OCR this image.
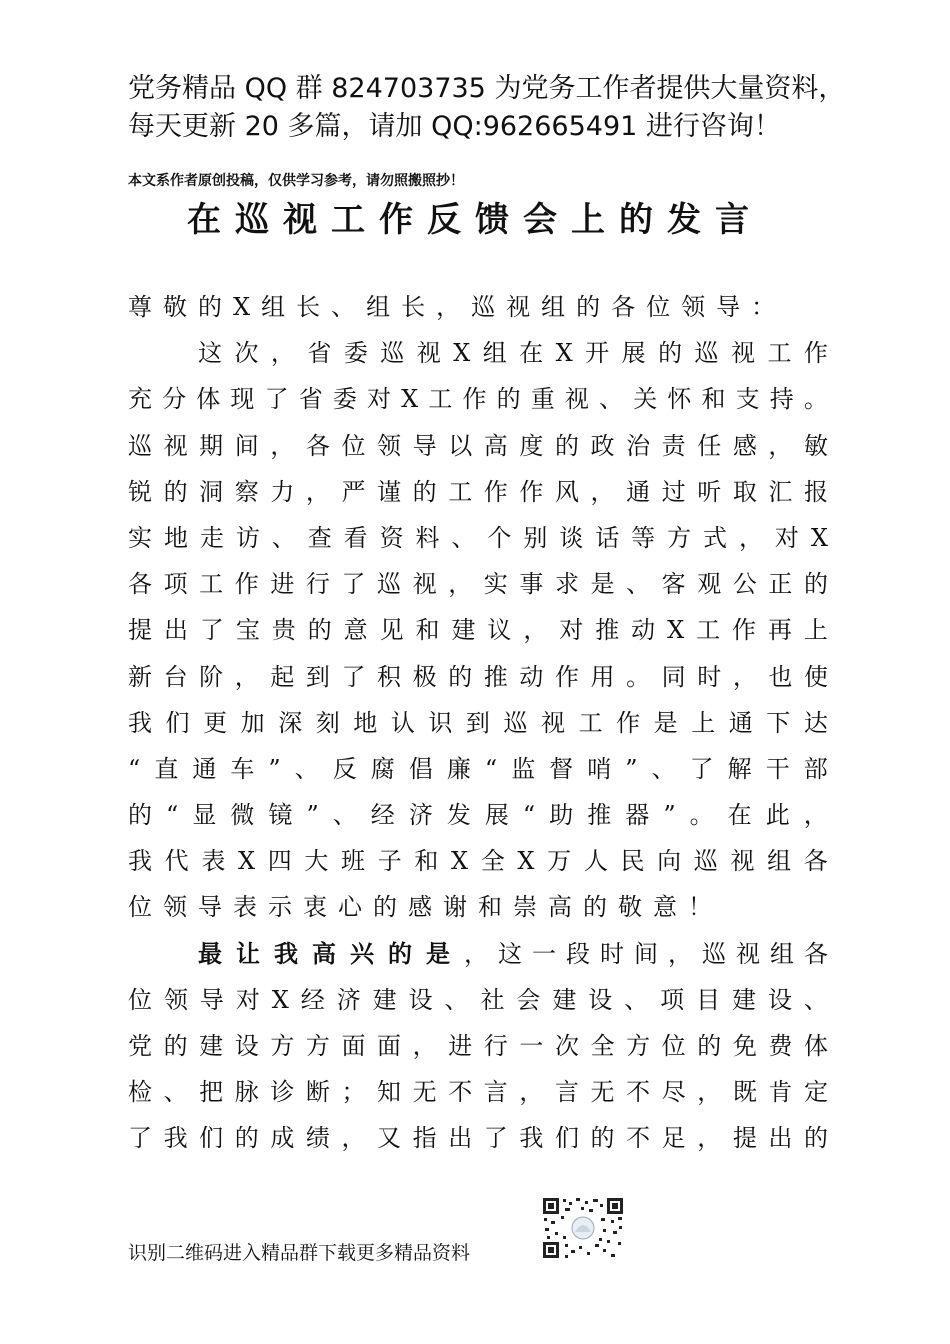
党务精品 QQ 群 824703735 为党务工作者提供大量资料，
每天更新 20 多篇，请加 QQ:962665491 进行咨询！
本文系作者原创投稿，仅供学习参考，请勿照搬照抄！
在巡视工作反馈会上的发言
尊敬的X组长、组长，巡视组的各位领导：
这 次 ， 省 委 巡 视 X 组 在 X 开 展 的 巡 视 工 作
充 分 体 现 了 省 委 对 X 工 作 的 重 视 、 关 怀 和 支 持 。
巡 视 期 间 ， 各 位 领 导 以 高 度 的 政 治 责 任 感 ， 敏
锐 的 洞 察 力 ， 严 谨 的 工 作 作 风 ， 通 过 听 取 汇 报
实 地 走 访 、 查 看 资 料 、 个 别 谈 话 等 方 式 ， 对 X
各 项 工 作 进 行 了 巡 视 ， 实 事 求 是 、 客 观 公 正 的
提 出 了 宝 贵 的 意 见 和 建 议 ， 对 推 动 X 工 作 再 上
新 台 阶 ， 起 到 了 积 极 的 推 动 作 用 。 同 时 ， 也 使
我 们 更 加 深 刻 地 认 识 到 巡 视 工 作 是 上 通 下 达
“ 直 通 车 ” 、 反 腐 倡 廉 “ 监 督 哨 ” 、 了 解 干 部
的 “ 显 微 镜 ” 、 经 济 发 展 “ 助 推 器 ” 。 在 此 ，
我 代 表 X 四 大 班 子 和 X 全 X 万 人 民 向 巡 视 组 各
位领导表示衷心的感谢和崇高的敬意！
最 让 我 高 兴 的 是 ， 这 一 段 时 间 ， 巡 视 组 各
位 领 导 对 X 经 济 建 设 、 社 会 建 设 、 项 目 建 设 、
党 的 建 设 方 方 面 面 ， 进 行 一 次 全 方 位 的 免 费 体
检 、 把 脉 诊 断 ； 知 无 不 言 ， 言 无 不 尽 ， 既 肯 定
了 我 们 的 成 绩 ， 又 指 出 了 我 们 的 不 足 ， 提 出 的
识别二维码进入精品群下载更多精品资料
